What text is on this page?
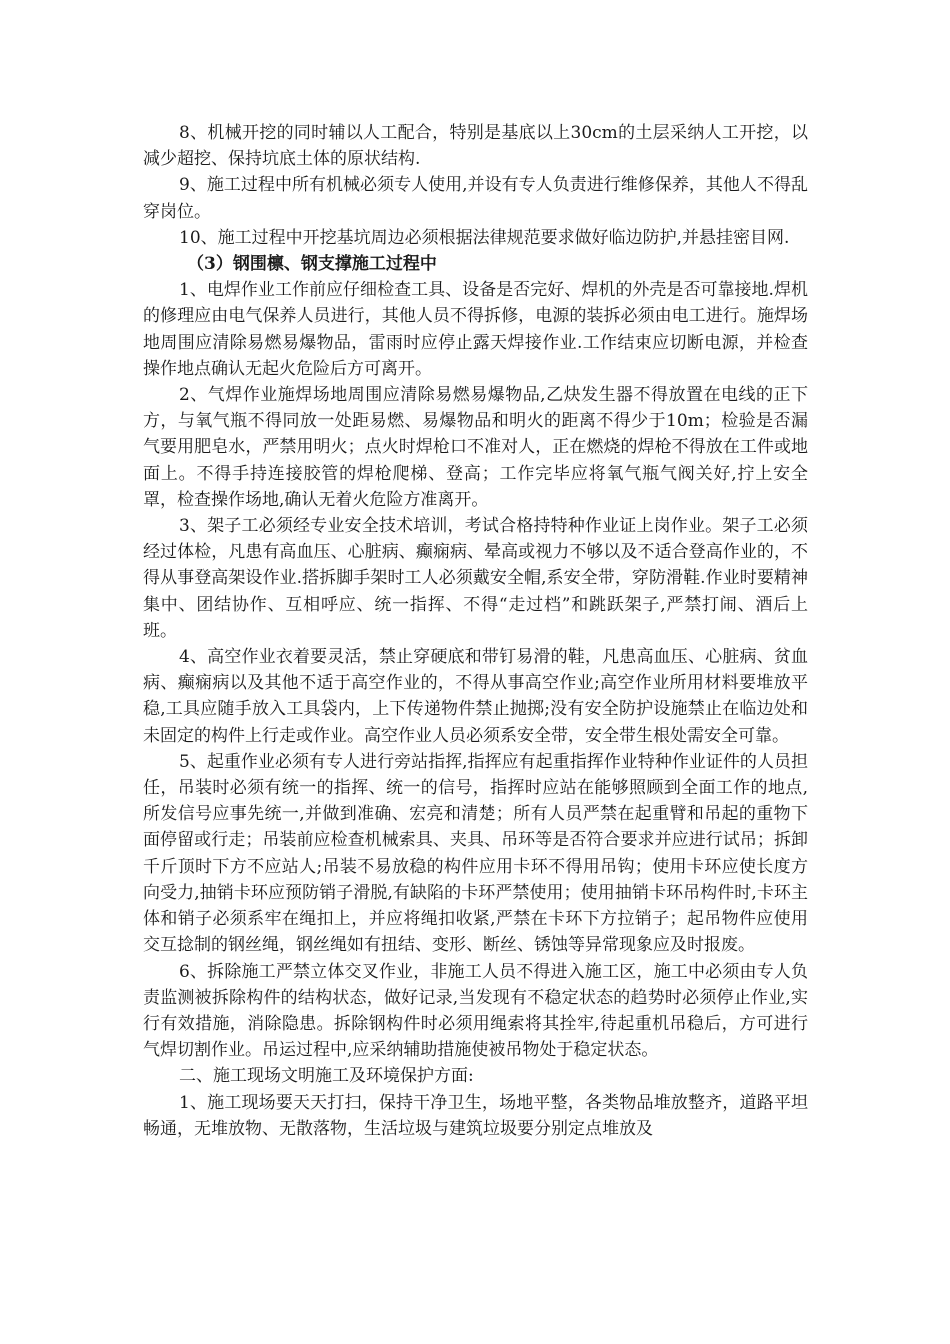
8、机械开挖的同时辅以人工配合，特别是基底以上30cm的土层采纳人工开挖，以减少超挖、保持坑底土体的原状结构.

9、施工过程中所有机械必须专人使用,并设有专人负责进行维修保养，其他人不得乱穿岗位。

10、施工过程中开挖基坑周边必须根据法律规范要求做好临边防护,并悬挂密目网.

（3）钢围檩、钢支撑施工过程中

1、电焊作业工作前应仔细检查工具、设备是否完好、焊机的外壳是否可靠接地.焊机的修理应由电气保养人员进行，其他人员不得拆修，电源的装拆必须由电工进行。施焊场地周围应清除易燃易爆物品，雷雨时应停止露天焊接作业.工作结束应切断电源，并检查操作地点确认无起火危险后方可离开。

2、气焊作业施焊场地周围应清除易燃易爆物品,乙炔发生器不得放置在电线的正下方，与氧气瓶不得同放一处距易燃、易爆物品和明火的距离不得少于10m；检验是否漏气要用肥皂水，严禁用明火；点火时焊枪口不准对人，正在燃烧的焊枪不得放在工件或地面上。不得手持连接胶管的焊枪爬梯、登高；工作完毕应将氧气瓶气阀关好,拧上安全罩，检查操作场地,确认无着火危险方准离开。

3、架子工必须经专业安全技术培训，考试合格持特种作业证上岗作业。架子工必须经过体检，凡患有高血压、心脏病、癫痫病、晕高或视力不够以及不适合登高作业的，不得从事登高架设作业.搭拆脚手架时工人必须戴安全帽,系安全带，穿防滑鞋.作业时要精神集中、团结协作、互相呼应、统一指挥、不得“走过档”和跳跃架子,严禁打闹、酒后上班。

4、高空作业衣着要灵活，禁止穿硬底和带钉易滑的鞋，凡患高血压、心脏病、贫血病、癫痫病以及其他不适于高空作业的，不得从事高空作业;高空作业所用材料要堆放平稳,工具应随手放入工具袋内，上下传递物件禁止抛掷;没有安全防护设施禁止在临边处和未固定的构件上行走或作业。高空作业人员必须系安全带，安全带生根处需安全可靠。

5、起重作业必须有专人进行旁站指挥,指挥应有起重指挥作业特种作业证件的人员担任，吊装时必须有统一的指挥、统一的信号，指挥时应站在能够照顾到全面工作的地点,所发信号应事先统一,并做到准确、宏亮和清楚；所有人员严禁在起重臂和吊起的重物下面停留或行走；吊装前应检查机械索具、夹具、吊环等是否符合要求并应进行试吊；拆卸千斤顶时下方不应站人;吊装不易放稳的构件应用卡环不得用吊钩；使用卡环应使长度方向受力,抽销卡环应预防销子滑脱,有缺陷的卡环严禁使用；使用抽销卡环吊构件时,卡环主体和销子必须系牢在绳扣上，并应将绳扣收紧,严禁在卡环下方拉销子；起吊物件应使用交互捻制的钢丝绳，钢丝绳如有扭结、变形、断丝、锈蚀等异常现象应及时报废。

6、拆除施工严禁立体交叉作业，非施工人员不得进入施工区，施工中必须由专人负责监测被拆除构件的结构状态，做好记录,当发现有不稳定状态的趋势时必须停止作业,实行有效措施，消除隐患。拆除钢构件时必须用绳索将其拴牢,待起重机吊稳后，方可进行气焊切割作业。吊运过程中,应采纳辅助措施使被吊物处于稳定状态。

二、施工现场文明施工及环境保护方面:

1、施工现场要天天打扫，保持干净卫生，场地平整，各类物品堆放整齐，道路平坦畅通，无堆放物、无散落物，生活垃圾与建筑垃圾要分别定点堆放及
